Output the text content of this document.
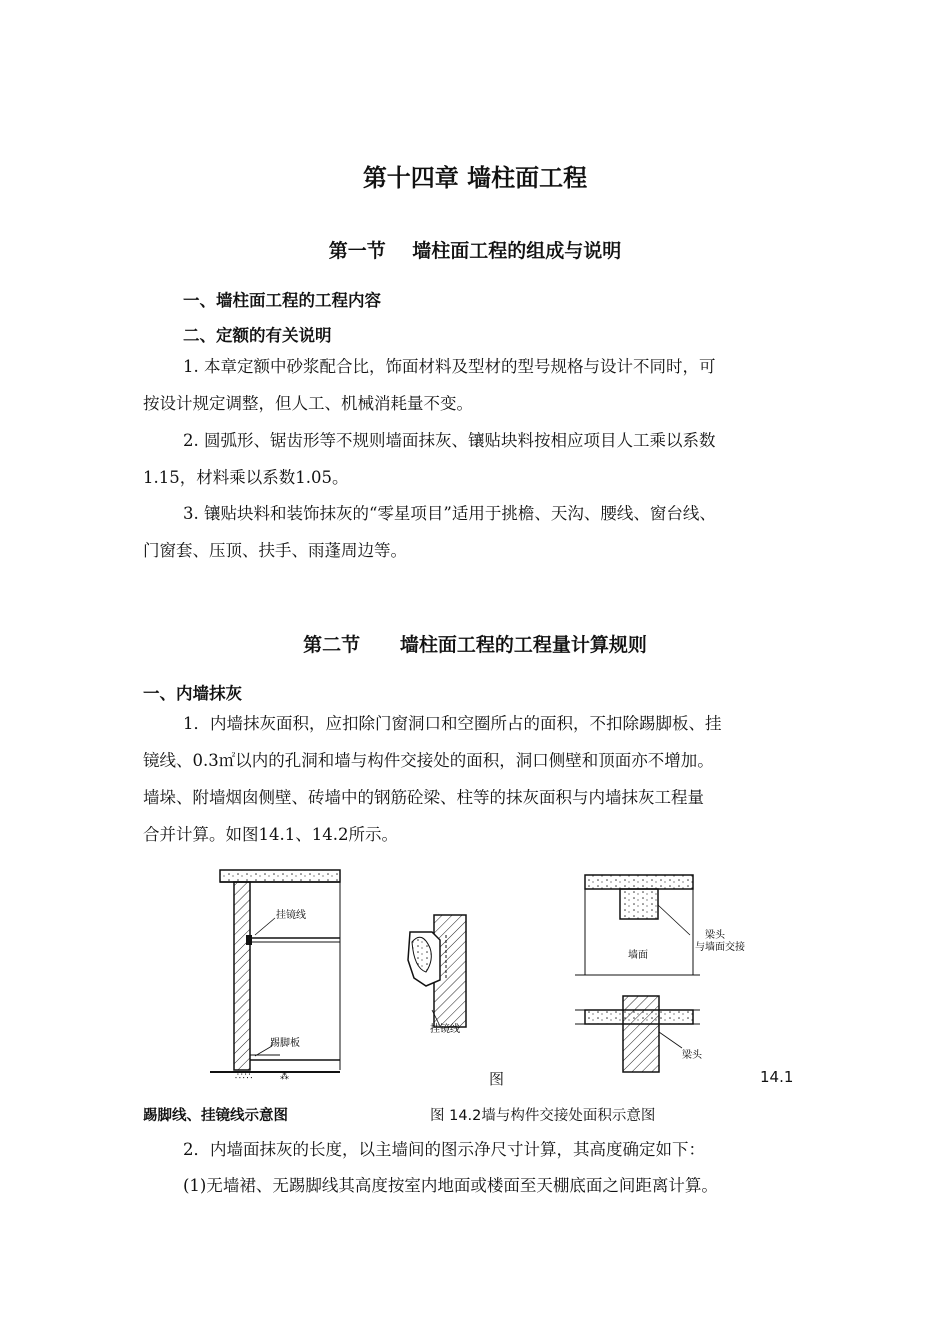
第十四章 墙柱面工程
第一节    墙柱面工程的组成与说明
一、墙柱面工程的工程内容
二、定额的有关说明
1. 本章定额中砂浆配合比，饰面材料及型材的型号规格与设计不同时，可
按设计规定调整，但人工、机械消耗量不变。
2. 圆弧形、锯齿形等不规则墙面抹灰、镶贴块料按相应项目人工乘以系数
1.15，材料乘以系数1.05。
3. 镶贴块料和装饰抹灰的“零星项目”适用于挑檐、天沟、腰线、窗台线、
门窗套、压顶、扶手、雨蓬周边等。
第二节      墙柱面工程的工程量计算规则
一、内墙抹灰
1．内墙抹灰面积，应扣除门窗洞口和空圈所占的面积，不扣除踢脚板、挂
镜线、0.3㎡以内的孔洞和墙与构件交接处的面积，洞口侧壁和顶面亦不增加。
墙垛、附墙烟囱侧壁、砖墙中的钢筋砼梁、柱等的抹灰面积与内墙抹灰工程量
合并计算。如图14.1、14.2所示。
挂镜线
踢脚板
∴∵∴	⁂
挂镜线
梁头
与墙面交接
墙面
梁头
图	14.1
踢脚线、挂镜线示意图	图 14.2墙与构件交接处面积示意图
2．内墙面抹灰的长度，以主墙间的图示净尺寸计算，其高度确定如下：
(1)无墙裙、无踢脚线其高度按室内地面或楼面至天棚底面之间距离计算。
